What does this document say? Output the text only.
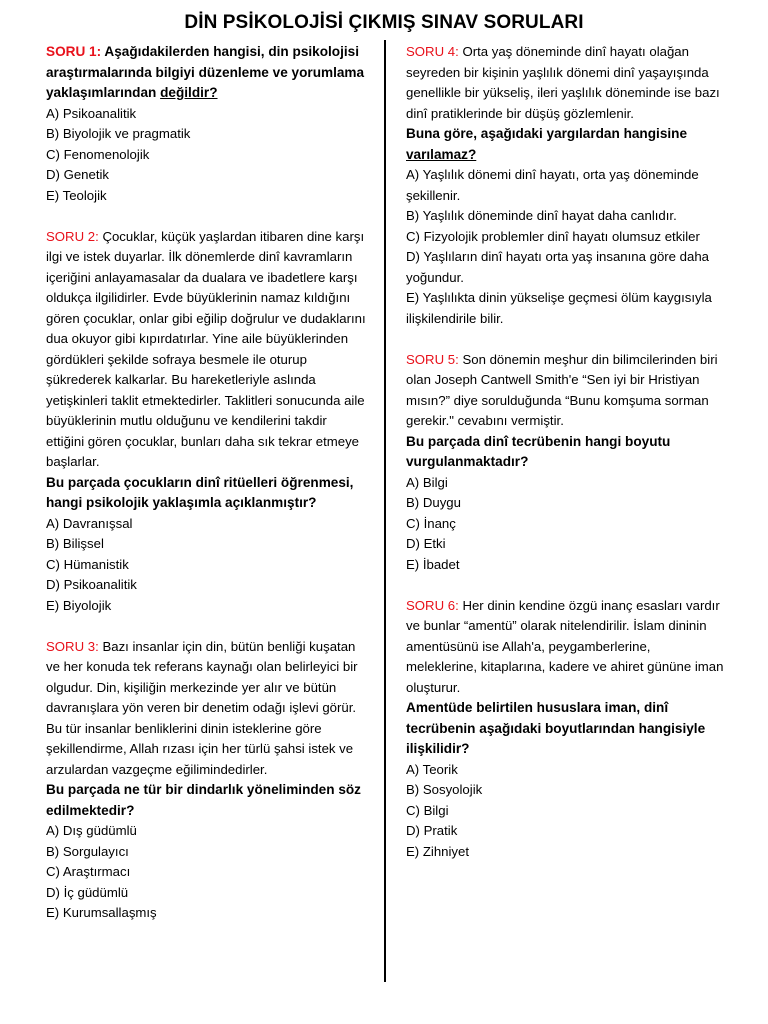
DİN PSİKOLOJİSİ ÇIKMIŞ SINAV SORULARI
SORU 1: Aşağıdakilerden hangisi, din psikolojisi araştırmalarında bilgiyi düzenleme ve yorumlama yaklaşımlarından değildir?
A) Psikoanalitik
B) Biyolojik ve pragmatik
C) Fenomenolojik
D) Genetik
E) Teolojik
SORU 2: Çocuklar, küçük yaşlardan itibaren dine karşı ilgi ve istek duyarlar. İlk dönemlerde dinî kavramların içeriğini anlayamasalar da dualara ve ibadetlere karşı oldukça ilgilidirler. Evde büyüklerinin namaz kıldığını gören çocuklar, onlar gibi eğilip doğrulur ve dudaklarını dua okuyor gibi kıpırdatırlar. Yine aile büyüklerinden gördükleri şekilde sofraya besmele ile oturup şükrederek kalkarlar. Bu hareketleriyle aslında yetişkinleri taklit etmektedirler. Taklitleri sonucunda aile büyüklerinin mutlu olduğunu ve kendilerini takdir ettiğini gören çocuklar, bunları daha sık tekrar etmeye başlarlar.
Bu parçada çocukların dinî ritüelleri öğrenmesi, hangi psikolojik yaklaşımla açıklanmıştır?
A) Davranışsal
B) Bilişsel
C) Hümanistik
D) Psikoanalitik
E) Biyolojik
SORU 3: Bazı insanlar için din, bütün benliği kuşatan ve her konuda tek referans kaynağı olan belirleyici bir olgudur. Din, kişiliğin merkezinde yer alır ve bütün davranışlara yön veren bir denetim odağı işlevi görür. Bu tür insanlar benliklerini dinin isteklerine göre şekillendirme, Allah rızası için her türlü şahsi istek ve arzulardan vazgeçme eğilimindedirler.
Bu parçada ne tür bir dindarlık yöneliminden söz edilmektedir?
A) Dış güdümlü
B) Sorgulayıcı
C) Araştırmacı
D) İç güdümlü
E) Kurumsallaşmış
SORU 4: Orta yaş döneminde dinî hayatı olağan seyreden bir kişinin yaşlılık dönemi dinî yaşayışında genellikle bir yükseliş, ileri yaşlılık döneminde ise bazı dinî pratiklerinde bir düşüş gözlemlenir.
Buna göre, aşağıdaki yargılardan hangisine varılamaz?
A) Yaşlılık dönemi dinî hayatı, orta yaş döneminde şekillenir.
B) Yaşlılık döneminde dinî hayat daha canlıdır.
C) Fizyolojik problemler dinî hayatı olumsuz etkiler
D) Yaşlıların dinî hayatı orta yaş insanına göre daha yoğundur.
E) Yaşlılıkta dinin yükselişe geçmesi ölüm kaygısıyla ilişkilendirile bilir.
SORU 5: Son dönemin meşhur din bilimcilerinden biri olan Joseph Cantwell Smith'e “Sen iyi bir Hristiyan mısın?” diye sorulduğunda “Bunu komşuma sorman gerekir." cevabını vermiştir.
Bu parçada dinî tecrübenin hangi boyutu vurgulanmaktadır?
A) Bilgi
B) Duygu
C) İnanç
D) Etki
E) İbadet
SORU 6: Her dinin kendine özgü inanç esasları vardır ve bunlar “amentü” olarak nitelendirilir. İslam dininin amentüsünü ise Allah'a, peygamberlerine, meleklerine, kitaplarına, kadere ve ahiret gününe iman oluşturur.
Amentüde belirtilen hususlara iman, dinî tecrübenin aşağıdaki boyutlarından hangisiyle ilişkilidir?
A) Teorik
B) Sosyolojik
C) Bilgi
D) Pratik
E) Zihniyet
